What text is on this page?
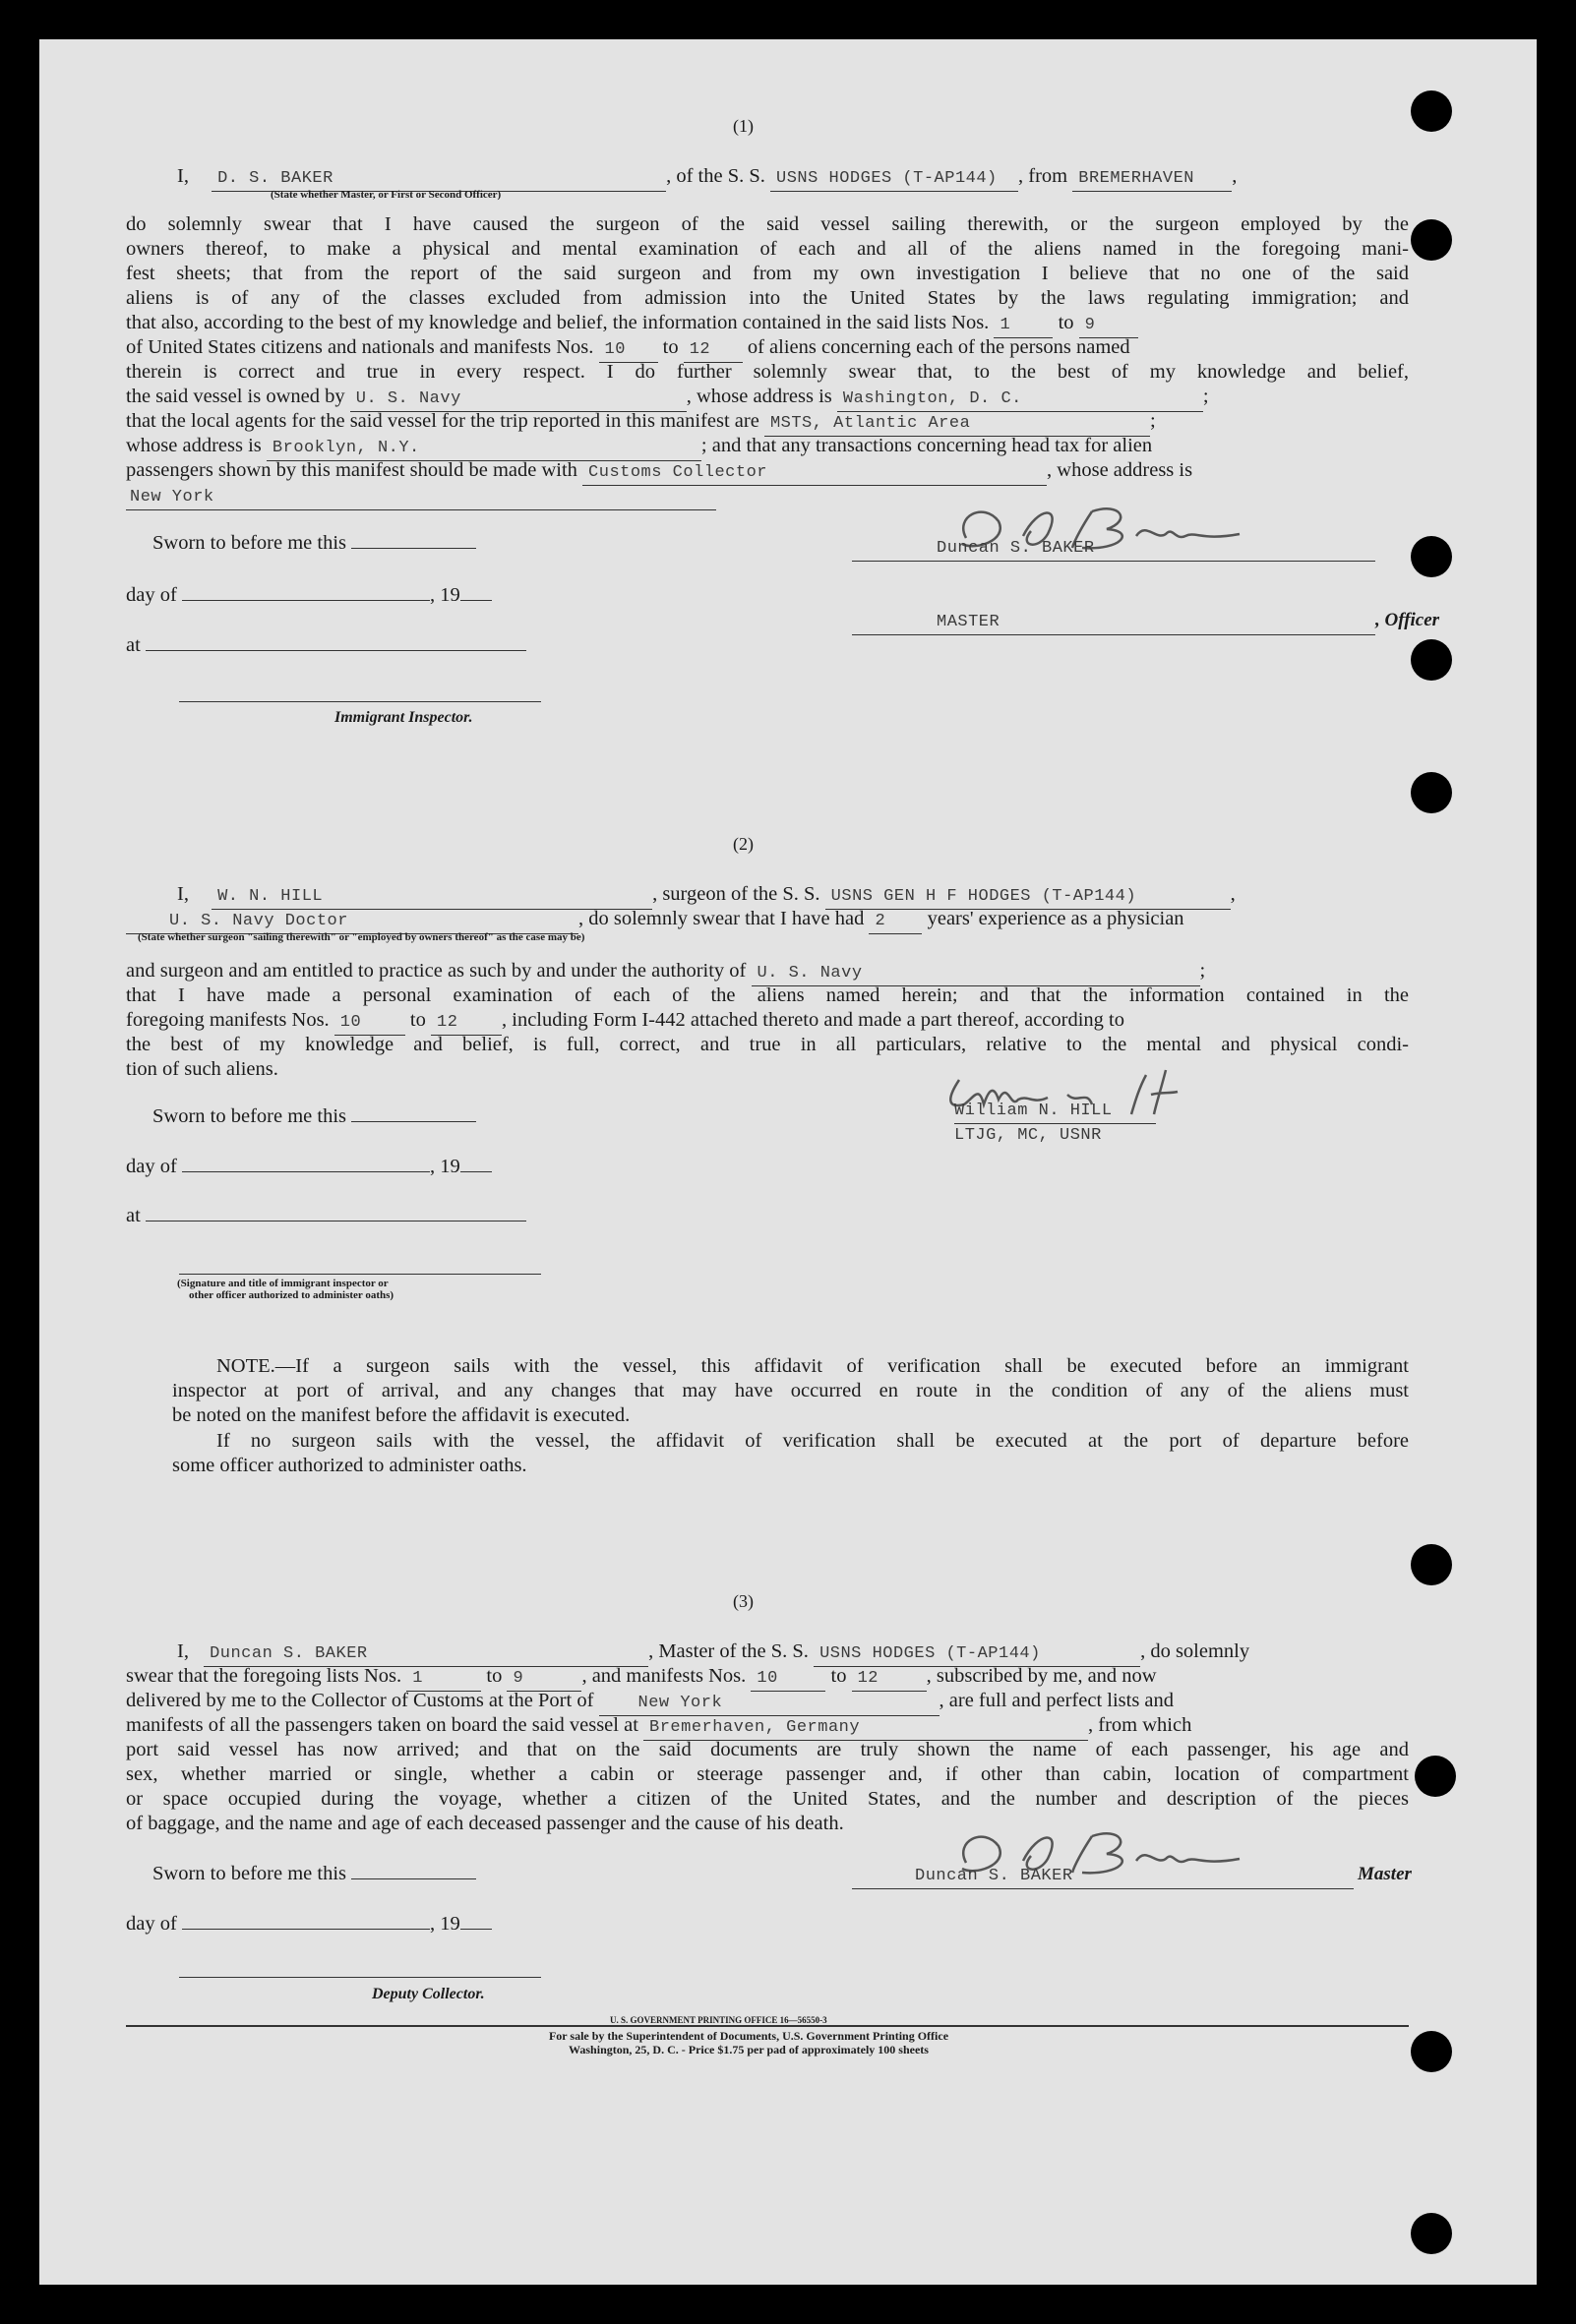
(1)
I, D. S. BAKER	, of the S. S. USNS HODGES (T-AP144) , from BREMERHAVEN ,
(State whether Master, or First or Second Officer)
do solemnly swear that I have caused the surgeon of the said vessel sailing therewith, or the surgeon employed by the
owners thereof, to make a physical and mental examination of each and all of the aliens named in the foregoing mani-
fest sheets; that from the report of the said surgeon and from my own investigation I believe that no one of the said
aliens is of any of the classes excluded from admission into the United States by the laws regulating immigration; and
that also, according to the best of my knowledge and belief, the information contained in the said lists Nos. 1 to 9
of United States citizens and nationals and manifests Nos. 10 to 12 of aliens concerning each of the persons named
therein is correct and true in every respect. I do further solemnly swear that, to the best of my knowledge and belief,
the said vessel is owned by U. S. Navy	, whose address is Washington, D. C.	;
that the local agents for the said vessel for the trip reported in this manifest are MSTS, Atlantic Area	;
whose address is Brooklyn, N.Y.	; and that any transactions concerning head tax for alien
passengers shown by this manifest should be made with Customs Collector	, whose address is
New York
Sworn to before me this
day of	, 19
at
Immigrant Inspector.
Duncan S. BAKER
MASTER	, Officer
(2)
I, W. N. HILL	, surgeon of the S. S. USNS GEN H F HODGES (T-AP144)	,
U. S. Navy Doctor	, do solemnly swear that I have had 2 years' experience as a physician
(State whether surgeon "sailing therewith" or "employed by owners thereof" as the case may be)
and surgeon and am entitled to practice as such by and under the authority of U. S. Navy	;
that I have made a personal examination of each of the aliens named herein; and that the information contained in the
foregoing manifests Nos. 10 to 12 , including Form I-442 attached thereto and made a part thereof, according to
the best of my knowledge and belief, is full, correct, and true in all particulars, relative to the mental and physical condi-
tion of such aliens.
Sworn to before me this
day of	, 19
at
(Signature and title of immigrant inspector or
other officer authorized to administer oaths)
William N. HILL
LTJG, MC, USNR
NOTE.—If a surgeon sails with the vessel, this affidavit of verification shall be executed before an immigrant
inspector at port of arrival, and any changes that may have occurred en route in the condition of any of the aliens must
be noted on the manifest before the affidavit is executed.
If no surgeon sails with the vessel, the affidavit of verification shall be executed at the port of departure before
some officer authorized to administer oaths.
(3)
I, Duncan S. BAKER	, Master of the S. S. USNS HODGES (T-AP144)	, do solemnly
swear that the foregoing lists Nos. 1	to 9	, and manifests Nos. 10	to 12 , subscribed by me, and now
delivered by me to the Collector of Customs at the Port of	New York	, are full and perfect lists and
manifests of all the passengers taken on board the said vessel at Bremerhaven, Germany	, from which
port said vessel has now arrived; and that on the said documents are truly shown the name of each passenger, his age and
sex, whether married or single, whether a cabin or steerage passenger and, if other than cabin, location of compartment
or space occupied during the voyage, whether a citizen of the United States, and the number and description of the pieces
of baggage, and the name and age of each deceased passenger and the cause of his death.
Sworn to before me this
day of	, 19
Deputy Collector.
Duncan S. BAKER	Master
U. S. GOVERNMENT PRINTING OFFICE 16—56550-3
For sale by the Superintendent of Documents, U.S. Government Printing Office
Washington, 25, D. C. - Price $1.75 per pad of approximately 100 sheets
